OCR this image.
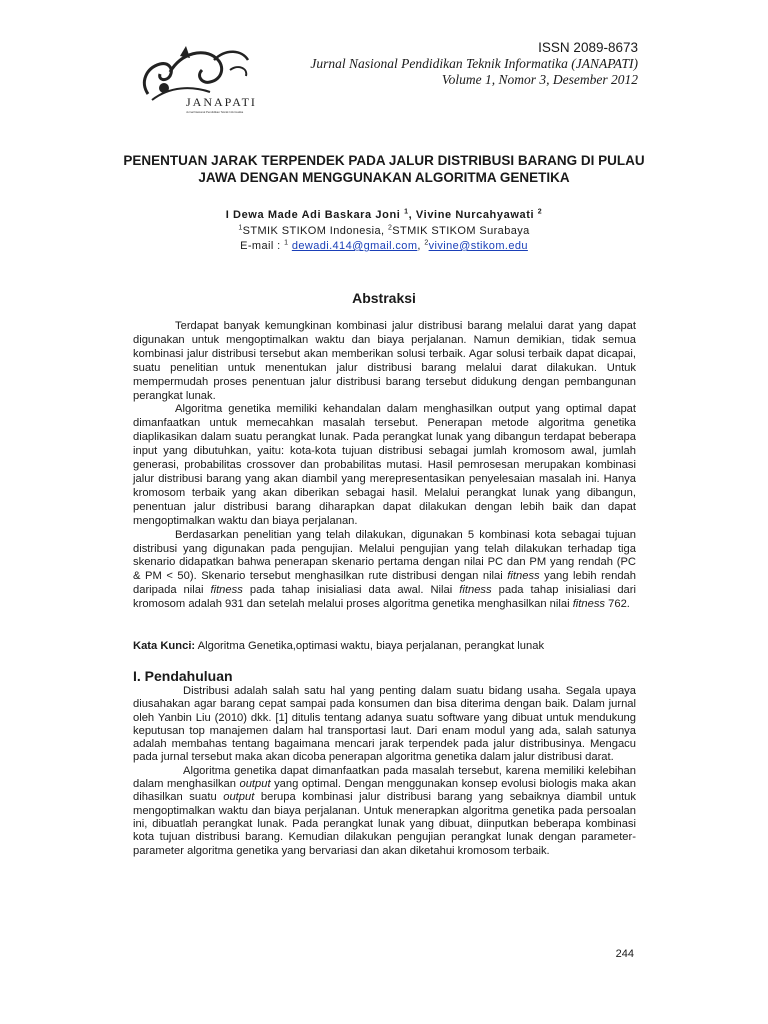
JANAPATI
Jurnal Nasional Pendidikan Teknik Informatika
ISSN 2089-8673
Jurnal Nasional Pendidikan Teknik Informatika (JANAPATI)
Volume 1, Nomor 3, Desember 2012
PENENTUAN JARAK TERPENDEK PADA JALUR DISTRIBUSI BARANG DI PULAU JAWA DENGAN MENGGUNAKAN ALGORITMA GENETIKA
I Dewa Made Adi Baskara Joni $^1$, Vivine Nurcahyawati $^2$
$^1$STMIK STIKOM Indonesia, $^2$STMIK STIKOM Surabaya
E-mail : $^1$ dewadi.414@gmail.com, $^2$vivine@stikom.edu
Abstraksi

Terdapat banyak kemungkinan kombinasi jalur distribusi barang melalui darat yang dapat digunakan untuk mengoptimalkan waktu dan biaya perjalanan. Namun demikian, tidak semua kombinasi jalur distribusi tersebut akan memberikan solusi terbaik. Agar solusi terbaik dapat dicapai, suatu penelitian untuk menentukan jalur distribusi barang melalui darat dilakukan. Untuk mempermudah proses penentuan jalur distribusi barang tersebut didukung dengan pembangunan perangkat lunak.

Algoritma genetika memiliki kehandalan dalam menghasilkan output yang optimal dapat dimanfaatkan untuk memecahkan masalah tersebut. Penerapan metode algoritma genetika diaplikasikan dalam suatu perangkat lunak. Pada perangkat lunak yang dibangun terdapat beberapa input yang dibutuhkan, yaitu: kota-kota tujuan distribusi sebagai jumlah kromosom awal, jumlah generasi, probabilitas crossover dan probabilitas mutasi. Hasil pemrosesan merupakan kombinasi jalur distribusi barang yang akan diambil yang merepresentasikan penyelesaian masalah ini. Hanya kromosom terbaik yang akan diberikan sebagai hasil. Melalui perangkat lunak yang dibangun, penentuan jalur distribusi barang diharapkan dapat dilakukan dengan lebih baik dan dapat mengoptimalkan waktu dan biaya perjalanan.

Berdasarkan penelitian yang telah dilakukan, digunakan 5 kombinasi kota sebagai tujuan distribusi yang digunakan pada pengujian. Melalui pengujian yang telah dilakukan terhadap tiga skenario didapatkan bahwa penerapan skenario pertama dengan nilai PC dan PM yang rendah (PC & PM < 50). Skenario tersebut menghasilkan rute distribusi dengan nilai fitness yang lebih rendah daripada nilai fitness pada tahap inisialiasi data awal. Nilai fitness pada tahap inisialiasi dari kromosom adalah 931 dan setelah melalui proses algoritma genetika menghasilkan nilai fitness 762.

Kata Kunci: Algoritma Genetika,optimasi waktu, biaya perjalanan, perangkat lunak
I. Pendahuluan

Distribusi adalah salah satu hal yang penting dalam suatu bidang usaha. Segala upaya diusahakan agar barang cepat sampai pada konsumen dan bisa diterima dengan baik. Dalam jurnal oleh Yanbin Liu (2010) dkk. [1] ditulis tentang adanya suatu software yang dibuat untuk mendukung keputusan top manajemen dalam hal transportasi laut. Dari enam modul yang ada, salah satunya adalah membahas tentang bagaimana mencari jarak terpendek pada jalur distribusinya. Mengacu pada jurnal tersebut maka akan dicoba penerapan algoritma genetika dalam jalur distribusi darat.

Algoritma genetika dapat dimanfaatkan pada masalah tersebut, karena memiliki kelebihan dalam menghasilkan output yang optimal. Dengan menggunakan konsep evolusi biologis maka akan dihasilkan suatu output berupa kombinasi jalur distribusi barang yang sebaiknya diambil untuk mengoptimalkan waktu dan biaya perjalanan. Untuk menerapkan algoritma genetika pada persoalan ini, dibuatlah perangkat lunak. Pada perangkat lunak yang dibuat, diinputkan beberapa kombinasi kota tujuan distribusi barang. Kemudian dilakukan pengujian perangkat lunak dengan parameter-parameter algoritma genetika yang bervariasi dan akan diketahui kromosom terbaik.

244
